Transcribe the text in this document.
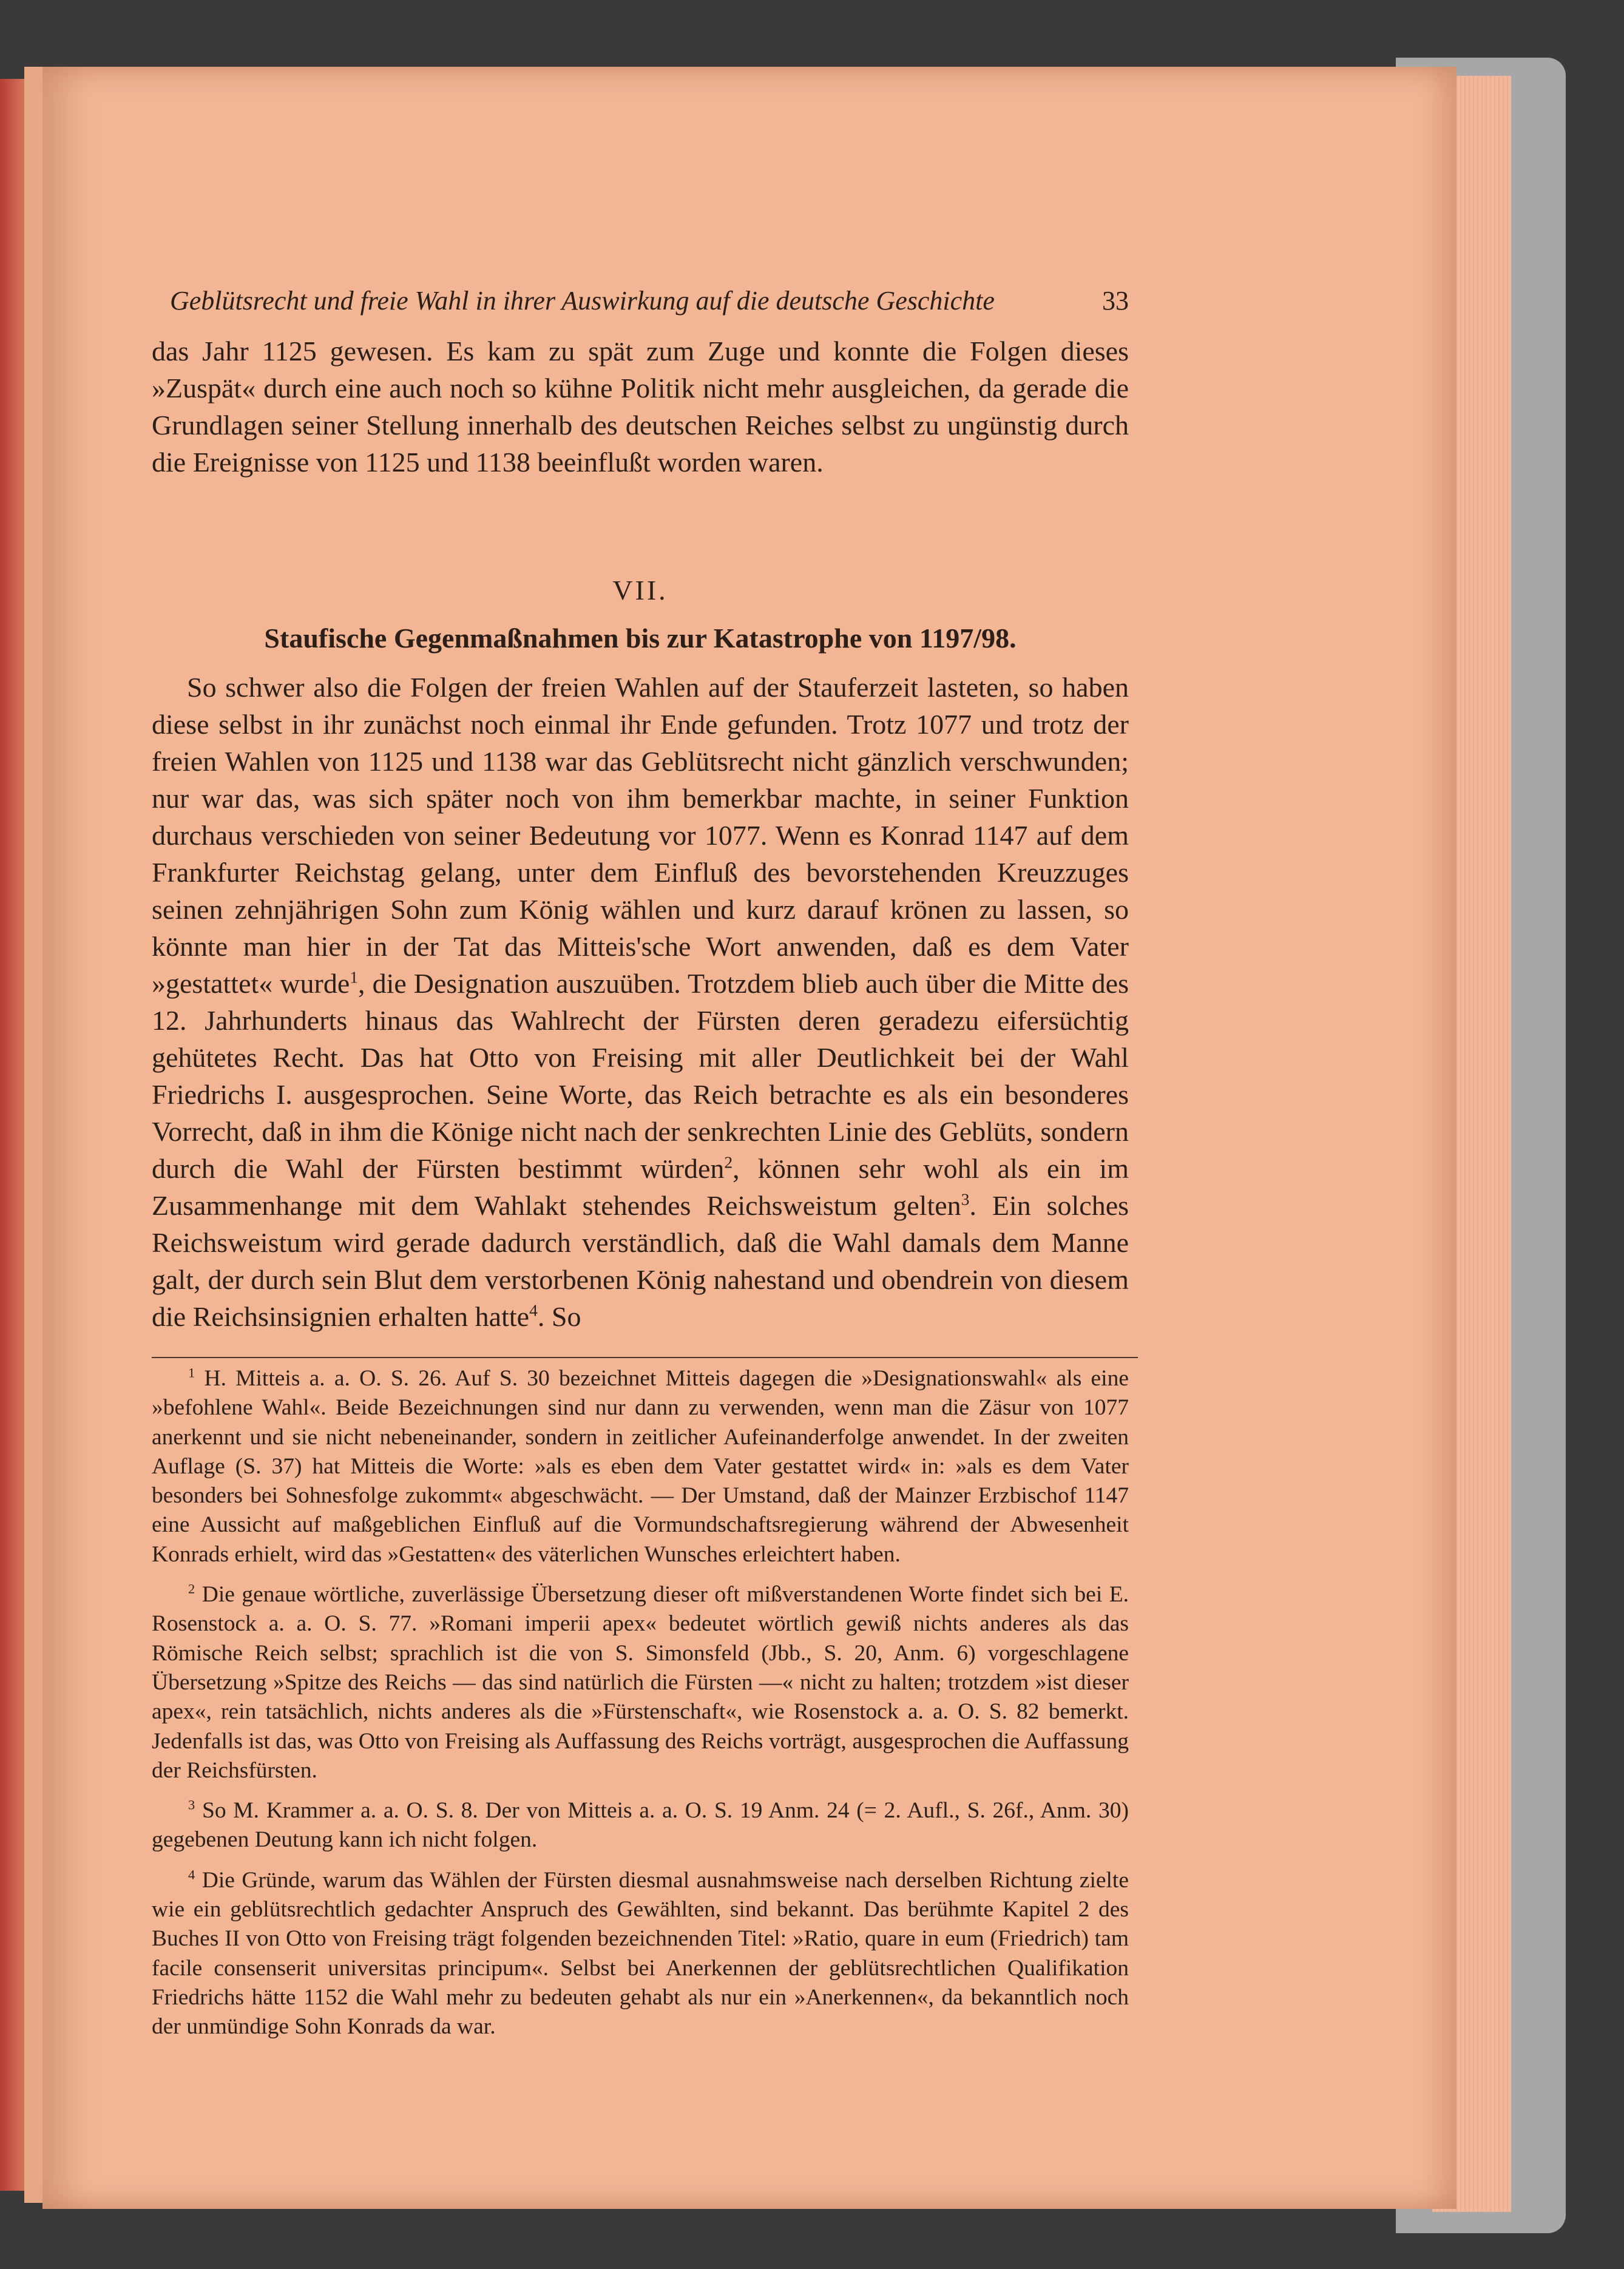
Geblütsrecht und freie Wahl in ihrer Auswirkung auf die deutsche Geschichte	33

das Jahr 1125 gewesen. Es kam zu spät zum Zuge und konnte die Folgen dieses »Zuspät« durch eine auch noch so kühne Politik nicht mehr ausgleichen, da gerade die Grundlagen seiner Stellung innerhalb des deutschen Reiches selbst zu ungünstig durch die Ereignisse von 1125 und 1138 beeinflußt worden waren.

VII.
Staufische Gegenmaßnahmen bis zur Katastrophe von 1197/98.

So schwer also die Folgen der freien Wahlen auf der Stauferzeit lasteten, so haben diese selbst in ihr zunächst noch einmal ihr Ende gefunden. Trotz 1077 und trotz der freien Wahlen von 1125 und 1138 war das Geblütsrecht nicht gänzlich verschwunden; nur war das, was sich später noch von ihm bemerkbar machte, in seiner Funktion durchaus verschieden von seiner Bedeutung vor 1077. Wenn es Konrad 1147 auf dem Frankfurter Reichstag gelang, unter dem Einfluß des bevorstehenden Kreuzzuges seinen zehnjährigen Sohn zum König wählen und kurz darauf krönen zu lassen, so könnte man hier in der Tat das Mitteis'sche Wort anwenden, daß es dem Vater »gestattet« wurde$^1$, die Designation auszuüben. Trotzdem blieb auch über die Mitte des 12. Jahrhunderts hinaus das Wahlrecht der Fürsten deren geradezu eifersüchtig gehütetes Recht. Das hat Otto von Freising mit aller Deutlichkeit bei der Wahl Friedrichs I. ausgesprochen. Seine Worte, das Reich betrachte es als ein besonderes Vorrecht, daß in ihm die Könige nicht nach der senkrechten Linie des Geblüts, sondern durch die Wahl der Fürsten bestimmt würden$^2$, können sehr wohl als ein im Zusammenhange mit dem Wahlakt stehendes Reichsweistum gelten$^3$. Ein solches Reichsweistum wird gerade dadurch verständlich, daß die Wahl damals dem Manne galt, der durch sein Blut dem verstorbenen König nahestand und obendrein von diesem die Reichsinsignien erhalten hatte$^4$. So

$^1$ H. Mitteis a. a. O. S. 26. Auf S. 30 bezeichnet Mitteis dagegen die »Designationswahl« als eine »befohlene Wahl«. Beide Bezeichnungen sind nur dann zu verwenden, wenn man die Zäsur von 1077 anerkennt und sie nicht nebeneinander, sondern in zeitlicher Aufeinanderfolge anwendet. In der zweiten Auflage (S. 37) hat Mitteis die Worte: »als es eben dem Vater gestattet wird« in: »als es dem Vater besonders bei Sohnesfolge zukommt« abgeschwächt. — Der Umstand, daß der Mainzer Erzbischof 1147 eine Aussicht auf maßgeblichen Einfluß auf die Vormundschaftsregierung während der Abwesenheit Konrads erhielt, wird das »Gestatten« des väterlichen Wunsches erleichtert haben.

$^2$ Die genaue wörtliche, zuverlässige Übersetzung dieser oft mißverstandenen Worte findet sich bei E. Rosenstock a. a. O. S. 77. »Romani imperii apex« bedeutet wörtlich gewiß nichts anderes als das Römische Reich selbst; sprachlich ist die von S. Simonsfeld (Jbb., S. 20, Anm. 6) vorgeschlagene Übersetzung »Spitze des Reichs — das sind natürlich die Fürsten —« nicht zu halten; trotzdem »ist dieser apex«, rein tatsächlich, nichts anderes als die »Fürstenschaft«, wie Rosenstock a. a. O. S. 82 bemerkt. Jedenfalls ist das, was Otto von Freising als Auffassung des Reichs vorträgt, ausgesprochen die Auffassung der Reichsfürsten.

$^3$ So M. Krammer a. a. O. S. 8. Der von Mitteis a. a. O. S. 19 Anm. 24 (= 2. Aufl., S. 26f., Anm. 30) gegebenen Deutung kann ich nicht folgen.

$^4$ Die Gründe, warum das Wählen der Fürsten diesmal ausnahmsweise nach derselben Richtung zielte wie ein geblütsrechtlich gedachter Anspruch des Gewählten, sind bekannt. Das berühmte Kapitel 2 des Buches II von Otto von Freising trägt folgenden bezeichnenden Titel: »Ratio, quare in eum (Friedrich) tam facile consenserit universitas principum«. Selbst bei Anerkennen der geblütsrechtlichen Qualifikation Friedrichs hätte 1152 die Wahl mehr zu bedeuten gehabt als nur ein »Anerkennen«, da bekanntlich noch der unmündige Sohn Konrads da war.
